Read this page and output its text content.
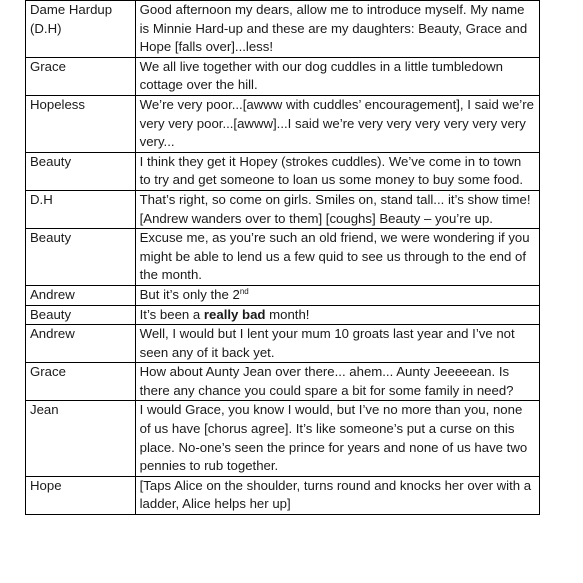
Dame Hardup
(D.H)	Good afternoon my dears, allow me to introduce myself. My name is Minnie Hard-up and these are my daughters: Beauty, Grace and Hope [falls over]...less!
Grace	We all live together with our dog cuddles in a little tumbledown cottage over the hill.
Hopeless	We’re very poor...[awww with cuddles’ encouragement], I said we’re very very poor...[awww]...I said we’re very very very very very very very...
Beauty	I think they get it Hopey (strokes cuddles). We’ve come in to town to try and get someone to loan us some money to buy some food.
D.H	That’s right, so come on girls. Smiles on, stand tall... it’s show time! [Andrew wanders over to them] [coughs] Beauty – you’re up.
Beauty	Excuse me, as you’re such an old friend, we were wondering if you might be able to lend us a few quid to see us through to the end of the month.
Andrew	But it’s only the 2nd
Beauty	It’s been a really bad month!
Andrew	Well, I would but I lent your mum 10 groats last year and I’ve not seen any of it back yet.
Grace	How about Aunty Jean over there... ahem... Aunty Jeeeeean. Is there any chance you could spare a bit for some family in need?
Jean	I would Grace, you know I would, but I’ve no more than you, none of us have [chorus agree]. It’s like someone’s put a curse on this place. No-one’s seen the prince for years and none of us have two pennies to rub together.
Hope	[Taps Alice on the shoulder, turns round and knocks her over with a ladder, Alice helps her up]
